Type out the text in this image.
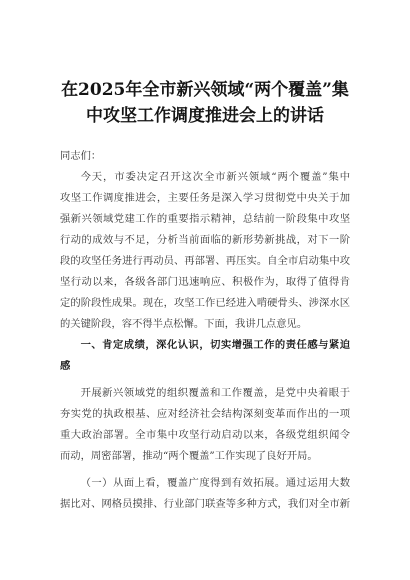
在2025年全市新兴领域“两个覆盖”集
中攻坚工作调度推进会上的讲话
同志们：
今天，市委决定召开这次全市新兴领域“两个覆盖”集中
攻坚工作调度推进会，主要任务是深入学习贯彻党中央关于加
强新兴领域党建工作的重要指示精神，总结前一阶段集中攻坚
行动的成效与不足，分析当前面临的新形势新挑战，对下一阶
段的攻坚任务进行再动员、再部署、再压实。自全市启动集中攻
坚行动以来，各级各部门迅速响应、积极作为，取得了值得肯
定的阶段性成果。现在，攻坚工作已经进入啃硬骨头、涉深水区
的关键阶段，容不得半点松懈。下面，我讲几点意见。
一、肯定成绩，深化认识，切实增强工作的责任感与紧迫
感
开展新兴领域党的组织覆盖和工作覆盖，是党中央着眼于
夯实党的执政根基、应对经济社会结构深刻变革而作出的一项
重大政治部署。全市集中攻坚行动启动以来，各级党组织闻令
而动，周密部署，推动“两个覆盖”工作实现了良好开局。
（一）从面上看，覆盖广度得到有效拓展。通过运用大数
据比对、网格员摸排、行业部门联查等多种方式，我们对全市新
